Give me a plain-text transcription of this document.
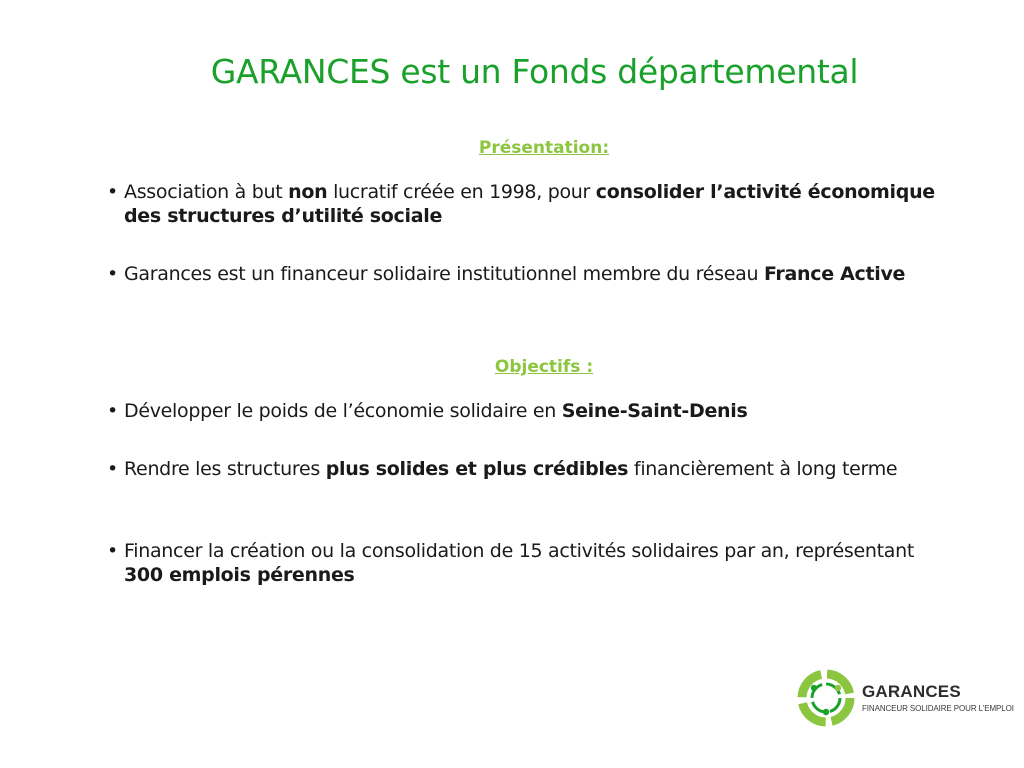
GARANCES est un Fonds départemental
Présentation:
• Association à but non lucratif créée en 1998, pour consolider l’activité économique des structures d’utilité sociale
• Garances est un financeur solidaire institutionnel membre du réseau France Active
Objectifs :
• Développer le poids de l’économie solidaire en Seine-Saint-Denis
• Rendre les structures plus solides et plus crédibles financièrement à long terme
• Financer la création ou la consolidation de 15 activités solidaires par an, représentant 300 emplois pérennes
GARANCES
FINANCEUR SOLIDAIRE POUR L’EMPLOI
